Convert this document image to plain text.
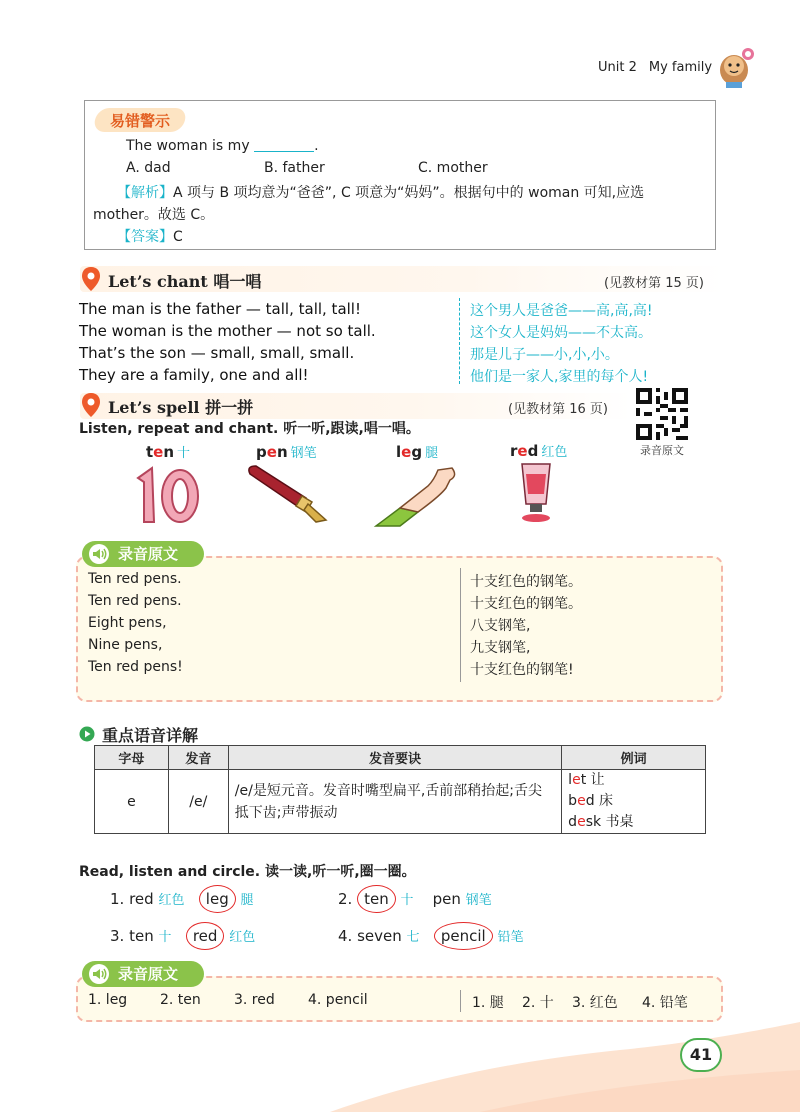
Unit 2 My family
易错警示
The woman is my	.
A. dad	B. father	C. mother
【解析】A 项与 B 项均意为“爸爸”, C 项意为“妈妈”。根据句中的 woman 可知,应选
mother。故选 C。
【答案】C
Let’s chant 唱一唱	(见教材第 15 页)
The man is the father — tall, tall, tall!
The woman is the mother — not so tall.
That’s the son — small, small, small.
They are a family, one and all!
这个男人是爸爸——高,高,高!
这个女人是妈妈——不太高。
那是儿子——小,小,小。
他们是一家人,家里的每个人!
Let’s spell 拼一拼	(见教材第 16 页)
录音原文
Listen, repeat and chant. 听一听,跟读,唱一唱。
ten 十	pen 钢笔	leg 腿	red 红色
录音原文
Ten red pens.
Ten red pens.
Eight pens,
Nine pens,
Ten red pens!
十支红色的钢笔。
十支红色的钢笔。
八支钢笔,
九支钢笔,
十支红色的钢笔!
重点语音详解
字母	发音	发音要诀	例词
e	/e/	/e/是短元音。发音时嘴型扁平,舌前部稍抬起;舌尖抵下齿;声带振动	let 让
bed 床
desk 书桌
Read, listen and circle. 读一读,听一听,圈一圈。
1. red 红色 leg 腿	2. ten 十 pen 钢笔
3. ten 十 red 红色	4. seven 七 pencil 铅笔
录音原文
1. leg 2. ten 3. red 4. pencil	1. 腿 2. 十 3. 红色 4. 铅笔
41
